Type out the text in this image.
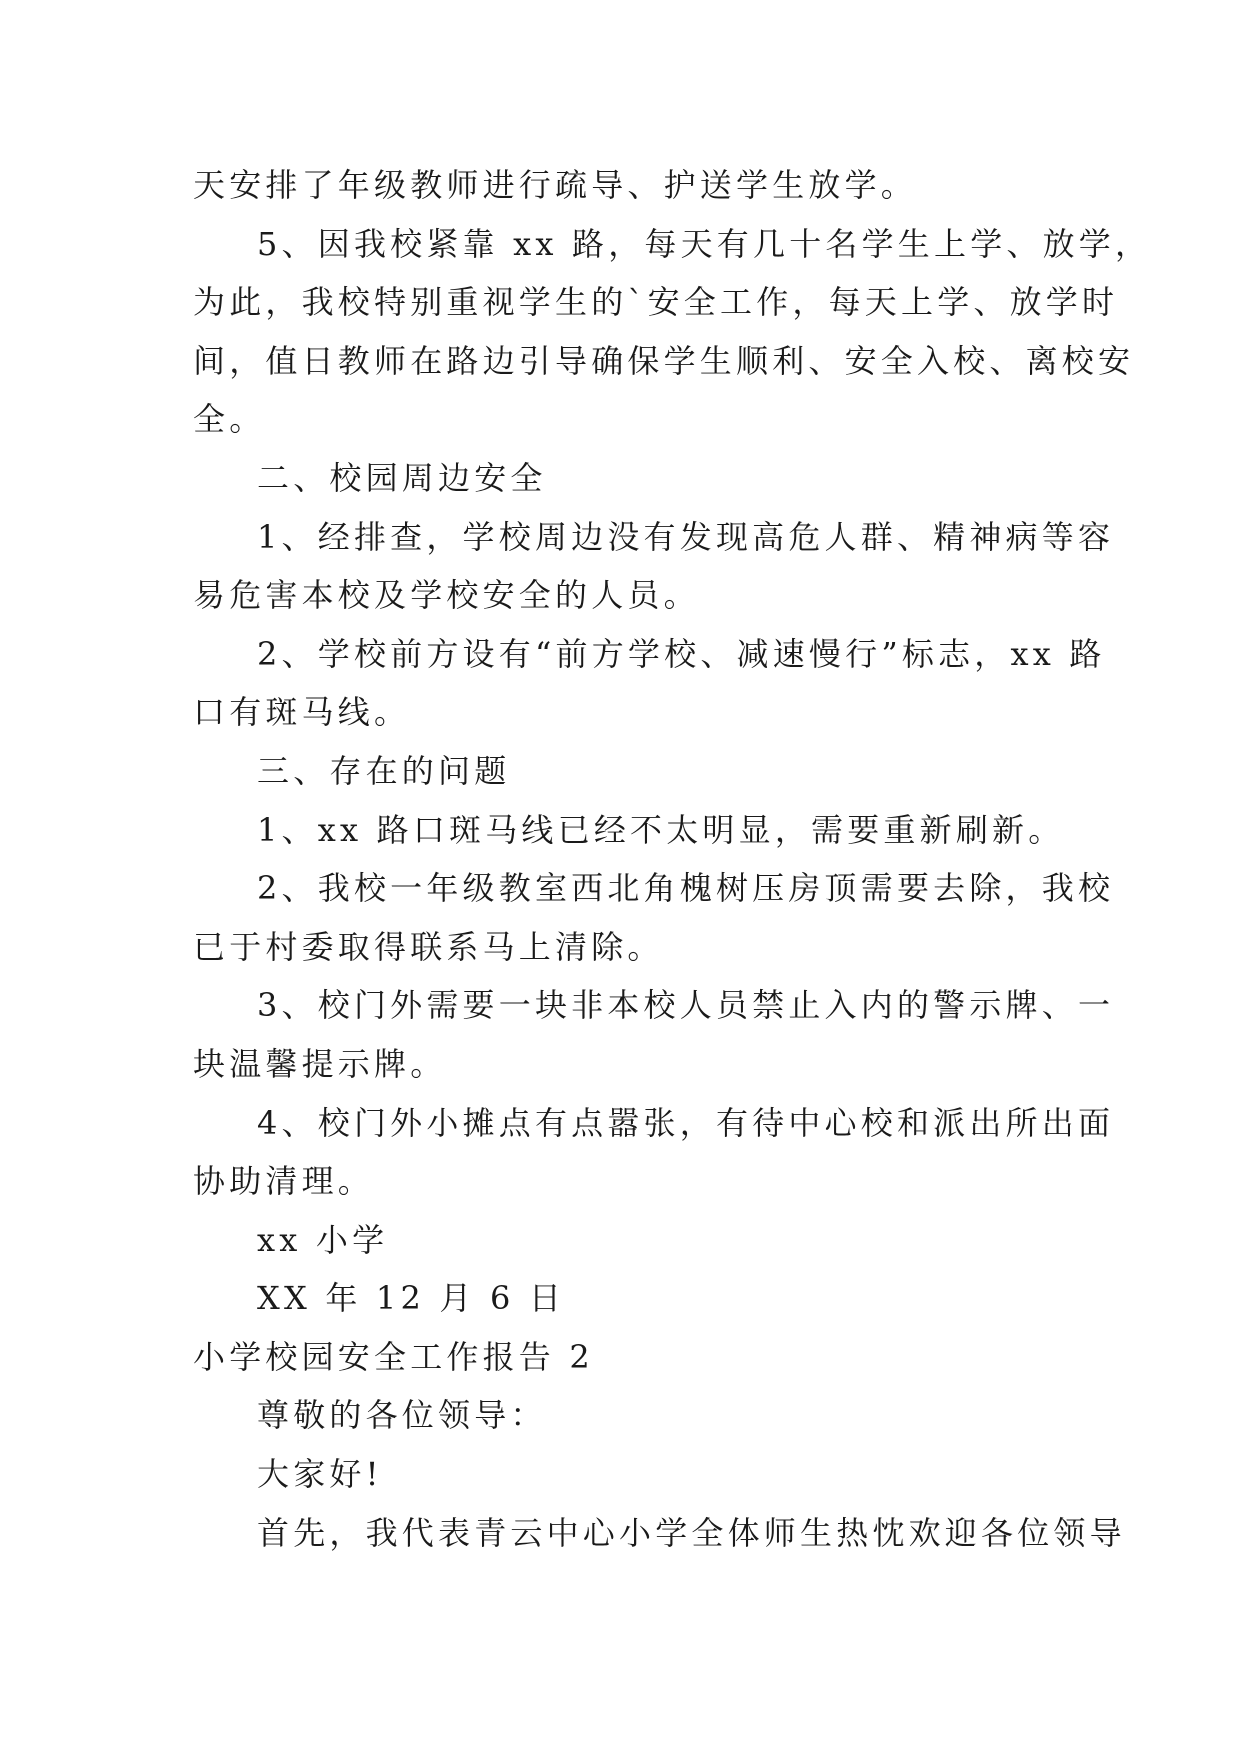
天安排了年级教师进行疏导、护送学生放学。
5、因我校紧靠 xx 路，每天有几十名学生上学、放学，
为此，我校特别重视学生的`安全工作，每天上学、放学时
间，值日教师在路边引导确保学生顺利、安全入校、离校安
全。
二、校园周边安全
1、经排查，学校周边没有发现高危人群、精神病等容
易危害本校及学校安全的人员。
2、学校前方设有“前方学校、减速慢行”标志，xx 路
口有斑马线。
三、存在的问题
1、xx 路口斑马线已经不太明显，需要重新刷新。
2、我校一年级教室西北角槐树压房顶需要去除，我校
已于村委取得联系马上清除。
3、校门外需要一块非本校人员禁止入内的警示牌、一
块温馨提示牌。
4、校门外小摊点有点嚣张，有待中心校和派出所出面
协助清理。
xx 小学
XX 年 12 月 6 日
小学校园安全工作报告 2
尊敬的各位领导：
大家好!
首先，我代表青云中心小学全体师生热忱欢迎各位领导
